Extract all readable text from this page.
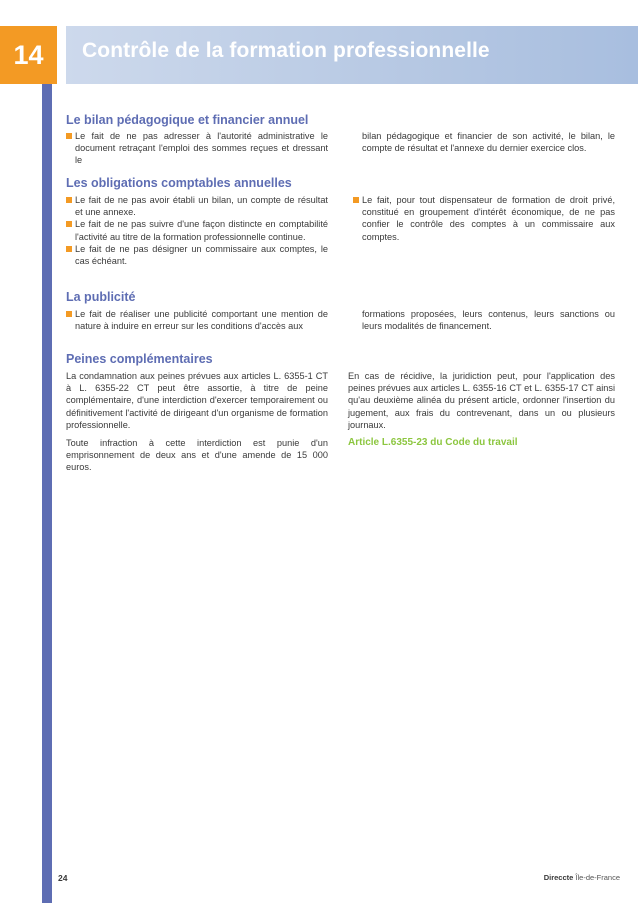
14 Contrôle de la formation professionnelle
Le bilan pédagogique et financier annuel
Le fait de ne pas adresser à l'autorité administrative le document retraçant l'emploi des sommes reçues et dressant le
bilan pédagogique et financier de son activité, le bilan, le compte de résultat et l'annexe du dernier exercice clos.
Les obligations comptables annuelles
Le fait de ne pas avoir établi un bilan, un compte de résultat et une annexe.
Le fait de ne pas suivre d'une façon distincte en comptabilité l'activité au titre de la formation professionnelle continue.
Le fait de ne pas désigner un commissaire aux comptes, le cas échéant.
Le fait, pour tout dispensateur de formation de droit privé, constitué en groupement d'intérêt économique, de ne pas confier le contrôle des comptes à un commissaire aux comptes.
La publicité
Le fait de réaliser une publicité comportant une mention de nature à induire en erreur sur les conditions d'accès aux
formations proposées, leurs contenus, leurs sanctions ou leurs modalités de financement.
Peines complémentaires

La condamnation aux peines prévues aux articles L. 6355-1 CT à L. 6355-22 CT peut être assortie, à titre de peine complémentaire, d'une interdiction d'exercer temporairement ou définitivement l'activité de dirigeant d'un organisme de formation professionnelle.

Toute infraction à cette interdiction est punie d'un emprisonnement de deux ans et d'une amende de 15 000 euros.

En cas de récidive, la juridiction peut, pour l'application des peines prévues aux articles L. 6355-16 CT et L. 6355-17 CT ainsi qu'au deuxième alinéa du présent article, ordonner l'insertion du jugement, aux frais du contrevenant, dans un ou plusieurs journaux.

Article L.6355-23 du Code du travail
24	Direccte Île-de-France
